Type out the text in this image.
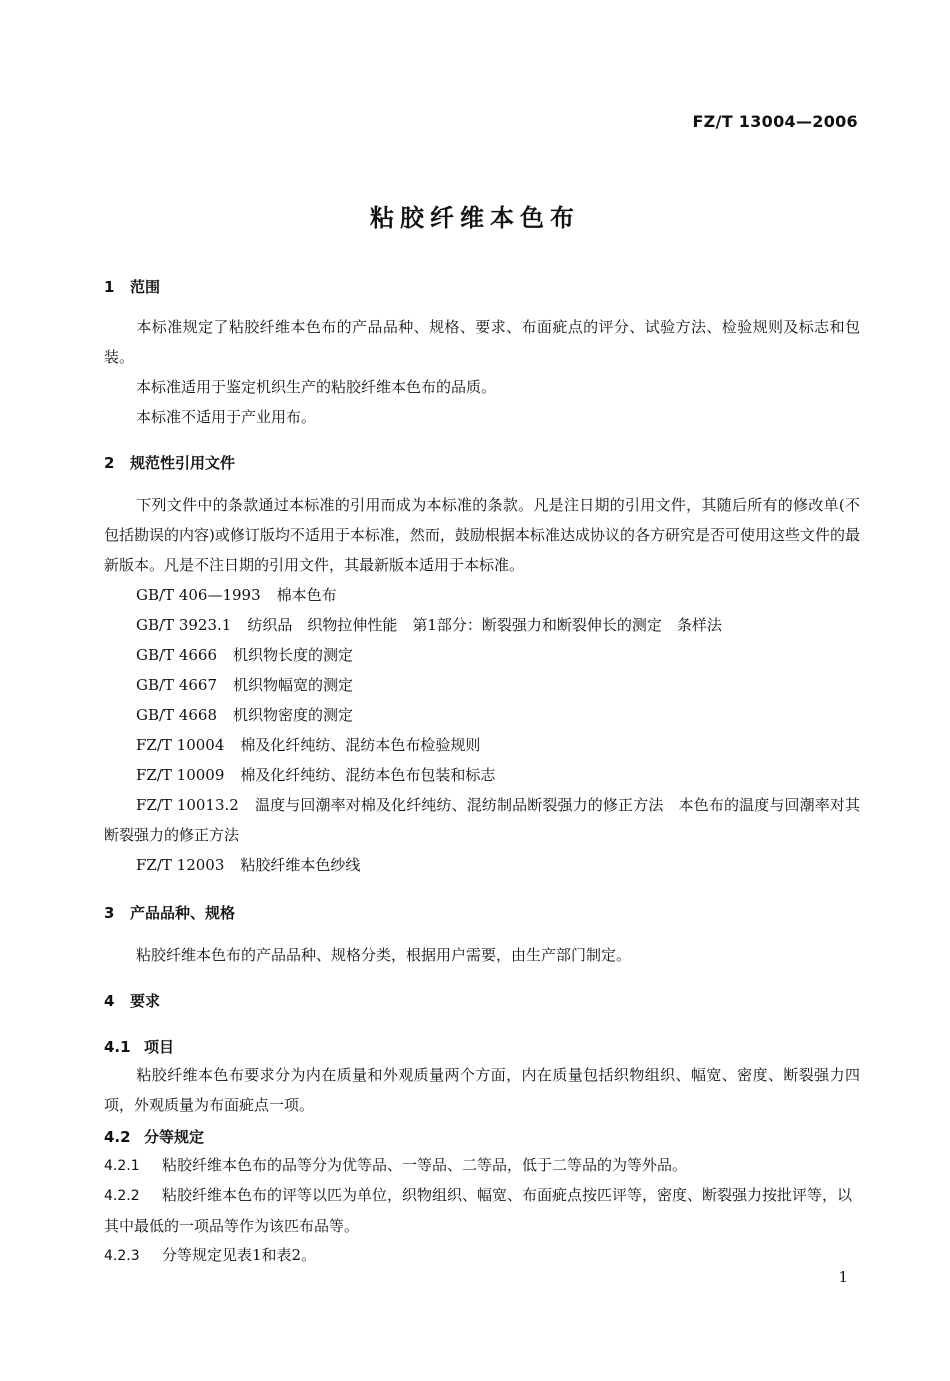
FZ/T 13004—2006
粘胶纤维本色布
1 范围
本标准规定了粘胶纤维本色布的产品品种、规格、要求、布面疵点的评分、试验方法、检验规则及标志和包装。
本标准适用于鉴定机织生产的粘胶纤维本色布的品质。
本标准不适用于产业用布。
2 规范性引用文件
下列文件中的条款通过本标准的引用而成为本标准的条款。凡是注日期的引用文件，其随后所有的修改单(不包括勘误的内容)或修订版均不适用于本标准，然而，鼓励根据本标准达成协议的各方研究是否可使用这些文件的最新版本。凡是不注日期的引用文件，其最新版本适用于本标准。
GB/T 406—1993 棉本色布
GB/T 3923.1 纺织品　织物拉伸性能　第1部分：断裂强力和断裂伸长的测定　条样法
GB/T 4666 机织物长度的测定
GB/T 4667 机织物幅宽的测定
GB/T 4668 机织物密度的测定
FZ/T 10004 棉及化纤纯纺、混纺本色布检验规则
FZ/T 10009 棉及化纤纯纺、混纺本色布包装和标志
FZ/T 10013.2 温度与回潮率对棉及化纤纯纺、混纺制品断裂强力的修正方法　本色布的温度与回潮率对其断裂强力的修正方法
FZ/T 12003 粘胶纤维本色纱线
3 产品品种、规格
粘胶纤维本色布的产品品种、规格分类，根据用户需要，由生产部门制定。
4 要求
4.1 项目
粘胶纤维本色布要求分为内在质量和外观质量两个方面，内在质量包括织物组织、幅宽、密度、断裂强力四项，外观质量为布面疵点一项。
4.2 分等规定
4.2.1 粘胶纤维本色布的品等分为优等品、一等品、二等品，低于二等品的为等外品。
4.2.2 粘胶纤维本色布的评等以匹为单位，织物组织、幅宽、布面疵点按匹评等，密度、断裂强力按批评等，以其中最低的一项品等作为该匹布品等。
4.2.3 分等规定见表1和表2。
1
